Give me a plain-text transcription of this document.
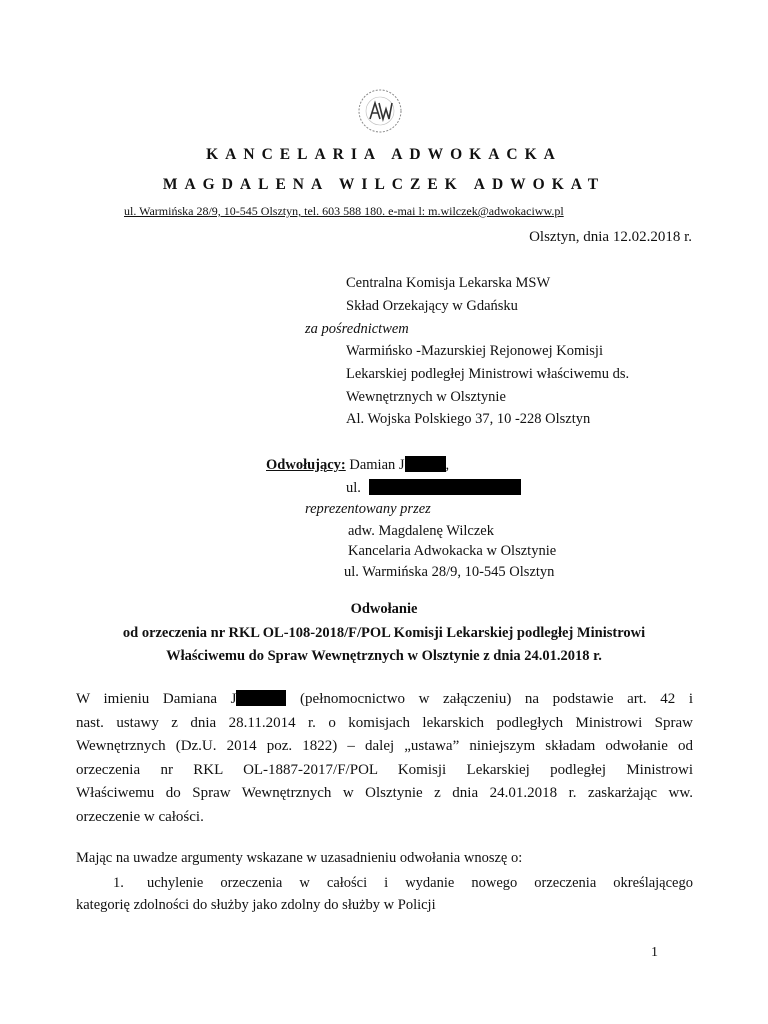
KANCELARIA ADWOKACKA
MAGDALENA WILCZEK ADWOKAT
ul. Warmińska 28/9, 10-545 Olsztyn, tel. 603 588 180. e-mai l: m.wilczek@adwokaciww.pl
Olsztyn, dnia 12.02.2018 r.
Centralna Komisja Lekarska MSW
Skład Orzekający w Gdańsku
za pośrednictwem
Warmińsko -Mazurskiej Rejonowej Komisji
Lekarskiej podległej Ministrowi właściwemu ds.
Wewnętrznych w Olsztynie
Al. Wojska Polskiego 37, 10 -228 Olsztyn
Odwołujący: Damian J	,
ul.
reprezentowany przez
adw. Magdalenę Wilczek
Kancelaria Adwokacka w Olsztynie
ul. Warmińska 28/9, 10-545 Olsztyn
Odwołanie
od orzeczenia nr RKL OL-108-2018/F/POL Komisji Lekarskiej podległej Ministrowi
Właściwemu do Spraw Wewnętrznych w Olsztynie z dnia 24.01.2018 r.
W imieniu Damiana J	(pełnomocnictwo w załączeniu) na podstawie art. 42 i
nast. ustawy z dnia 28.11.2014 r. o komisjach lekarskich podległych Ministrowi Spraw
Wewnętrznych (Dz.U. 2014 poz. 1822) – dalej „ustawa” niniejszym składam odwołanie od
orzeczenia nr RKL OL-1887-2017/F/POL Komisji Lekarskiej podległej Ministrowi
Właściwemu do Spraw Wewnętrznych w Olsztynie z dnia 24.01.2018 r. zaskarżając ww.
orzeczenie w całości.
Mając na uwadze argumenty wskazane w uzasadnieniu odwołania wnoszę o:
1. uchylenie orzeczenia w całości i wydanie nowego orzeczenia określającego
kategorię zdolności do służby jako zdolny do służby w Policji
1
